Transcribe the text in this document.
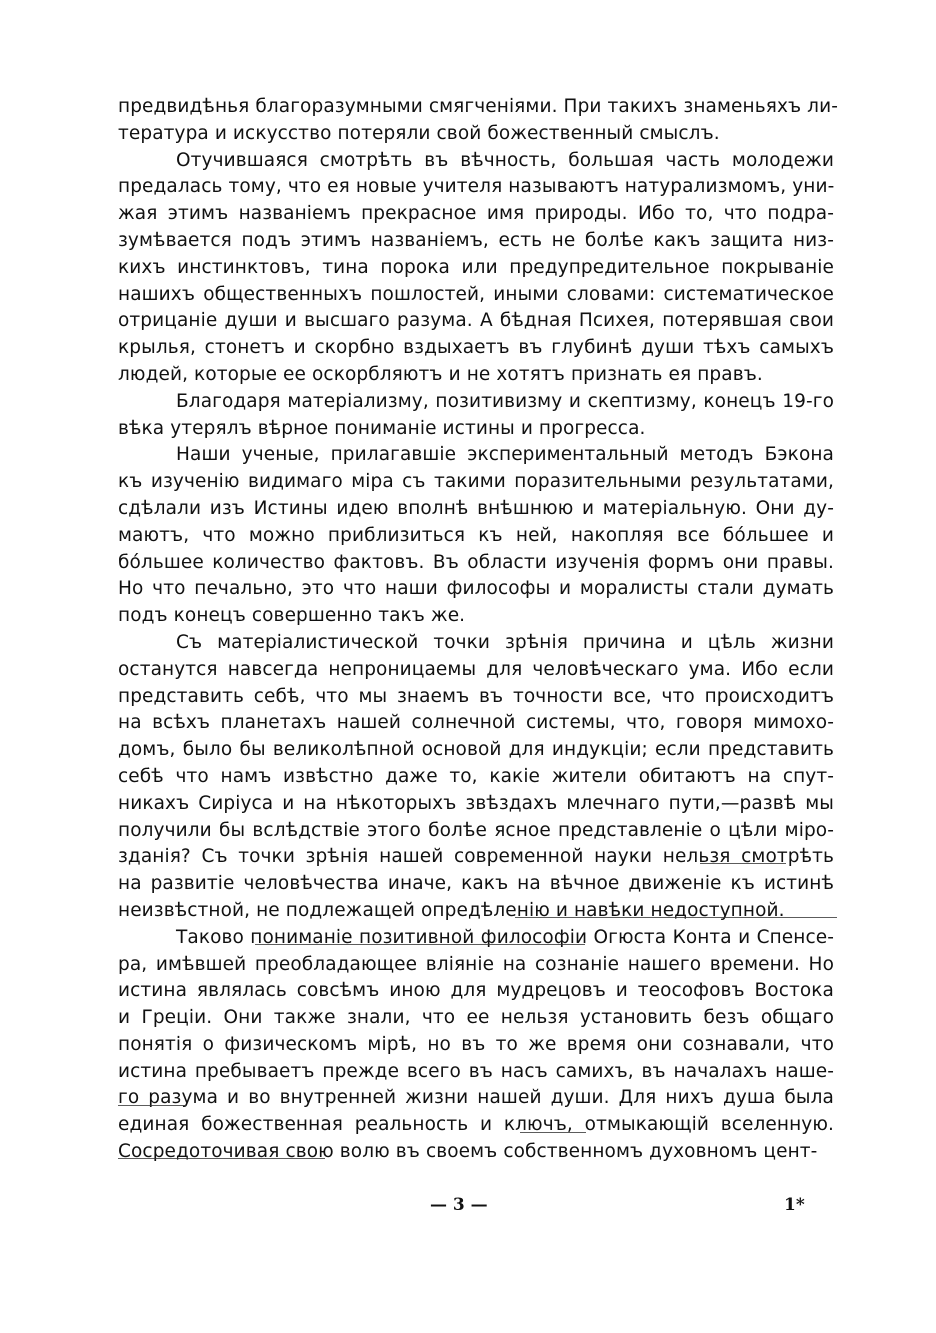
предвидѣнья благоразумными смягченіями. При такихъ знаменьяхъ ли-
тература и искусство потеряли свой божественный смыслъ.
Отучившаяся смотрѣть въ вѣчность, большая часть молодежи
предалась тому, что ея новые учителя называютъ натурализмомъ, уни-
жая этимъ названіемъ прекрасное имя природы. Ибо то, что подра-
зумѣвается подъ этимъ названіемъ, есть не болѣе какъ защита низ-
кихъ инстинктовъ, тина порока или предупредительное покрываніе
нашихъ общественныхъ пошлостей, иными словами: систематическое
отрицаніе души и высшаго разума. А бѣдная Психея, потерявшая свои
крылья, стонетъ и скорбно вздыхаетъ въ глубинѣ души тѣхъ самыхъ
людей, которые ее оскорбляютъ и не хотятъ признать ея правъ.
Благодаря матеріализму, позитивизму и скептизму, конецъ 19-го
вѣка утерялъ вѣрное пониманіе истины и прогресса.
Наши ученые, прилагавшіе экспериментальный методъ Бэкона
къ изученію видимаго міра съ такими поразительными результатами,
сдѣлали изъ Истины идею вполнѣ внѣшнюю и матеріальную. Они ду-
маютъ, что можно приблизиться къ ней, накопляя все бóльшее и
бóльшее количество фактовъ. Въ области изученія формъ они правы.
Но что печально, это что наши философы и моралисты стали думать
подъ конецъ совершенно такъ же.
Съ матеріалистической точки зрѣнія причина и цѣль жизни
останутся навсегда непроницаемы для человѣческаго ума. Ибо если
представить себѣ, что мы знаемъ въ точности все, что происходитъ
на всѣхъ планетахъ нашей солнечной системы, что, говоря мимохо-
домъ, было бы великолѣпной основой для индукціи; если представить
себѣ что намъ извѣстно даже то, какіе жители обитаютъ на спут-
никахъ Сиріуса и на нѣкоторыхъ звѣздахъ млечнаго пути,—развѣ мы
получили бы вслѣдствіе этого болѣе ясное представленіе о цѣли міро-
зданія? Съ точки зрѣнія нашей современной науки нельзя смотрѣть
на развитіе человѣчества иначе, какъ на вѣчное движеніе къ истинѣ
неизвѣстной, не подлежащей опредѣленію и навѣки недоступной.
Таково пониманіе позитивной философіи Огюста Конта и Спенсе-
ра, имѣвшей преобладающее вліяніе на сознаніе нашего времени. Но
истина являлась совсѣмъ иною для мудрецовъ и теософовъ Востока
и Греціи. Они также знали, что ее нельзя установить безъ общаго
понятія о физическомъ мірѣ, но въ то же время они сознавали, что
истина пребываетъ прежде всего въ насъ самихъ, въ началахъ наше-
го разума и во внутренней жизни нашей души. Для нихъ душа была
единая божественная реальность и ключъ, отмыкающій вселенную.
Сосредоточивая свою волю въ своемъ собственномъ духовномъ цент-
— 3 —	1*
